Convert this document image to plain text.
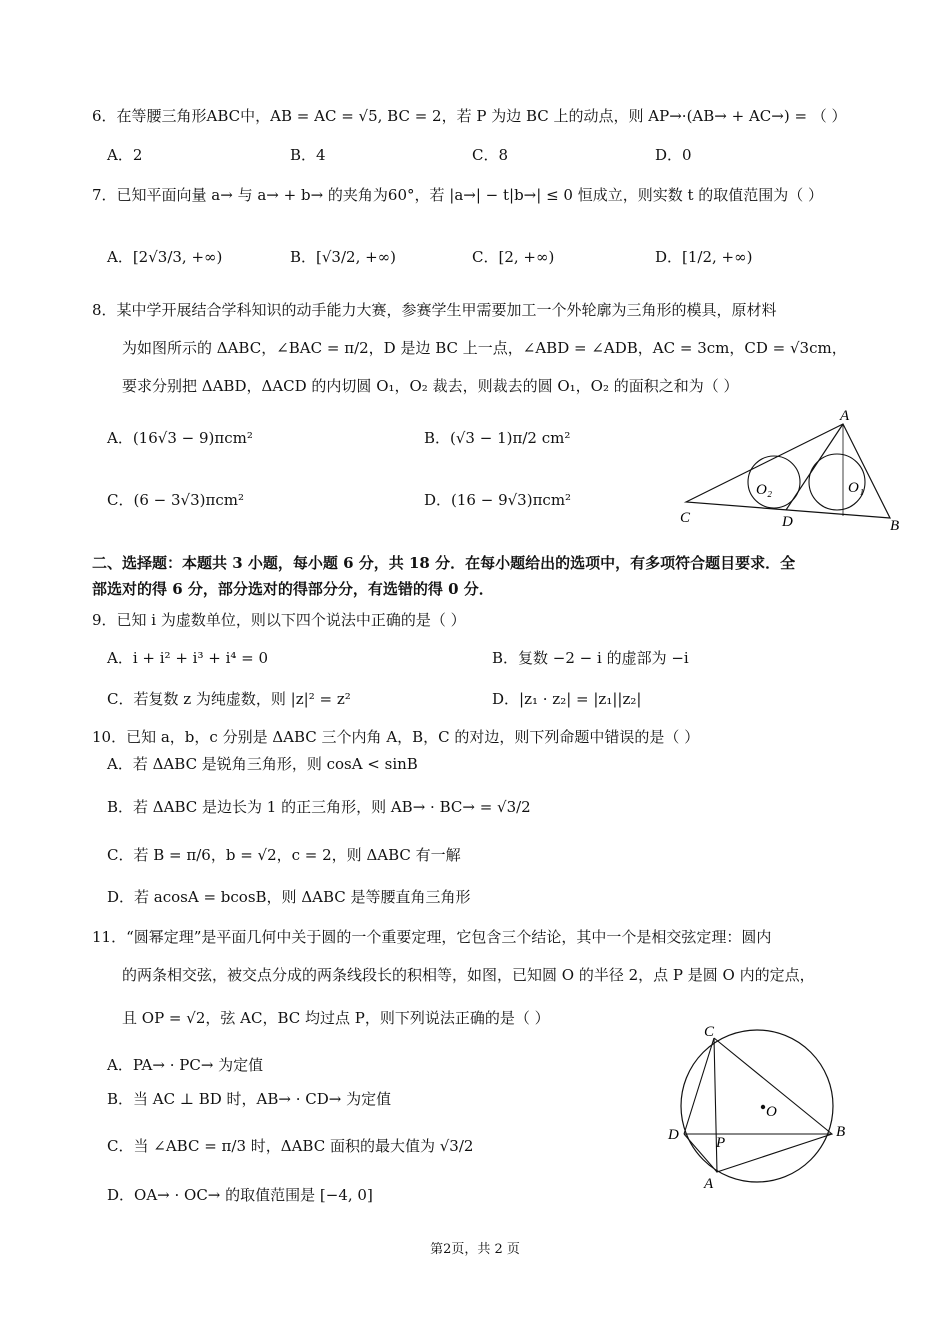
6．在等腰三角形ABC中，AB = AC = √5, BC = 2，若 P 为边 BC 上的动点，则 AP→·(AB→ + AC→) = （ ）
A．2	B．4	C．8	D．0
7．已知平面向量 a→ 与 a→ + b→ 的夹角为60°，若 |a→| − t|b→| ≤ 0 恒成立，则实数 t 的取值范围为（ ）
A．[2√3/3, +∞)	B．[√3/2, +∞)	C．[2, +∞)	D．[1/2, +∞)
8．某中学开展结合学科知识的动手能力大赛，参赛学生甲需要加工一个外轮廓为三角形的模具，原材料
为如图所示的 ΔABC，∠BAC = π/2，D 是边 BC 上一点，∠ABD = ∠ADB，AC = 3cm，CD = √3cm，
要求分别把 ΔABD，ΔACD 的内切圆 O₁，O₂ 裁去，则裁去的圆 O₁，O₂ 的面积之和为（ ）
A．(16√3 − 9)πcm²	B．(√3 − 1)π/2 cm²
C．(6 − 3√3)πcm²	D．(16 − 9√3)πcm²
A
O₂	O₁
C	D	B
二、选择题：本题共 3 小题，每小题 6 分，共 18 分．在每小题给出的选项中，有多项符合题目要求．全
部选对的得 6 分，部分选对的得部分分，有选错的得 0 分．
9．已知 i 为虚数单位，则以下四个说法中正确的是（ ）
A．i + i² + i³ + i⁴ = 0	B．复数 −2 − i 的虚部为 −i
C．若复数 z 为纯虚数，则 |z|² = z²	D．|z₁ · z₂| = |z₁||z₂|
10．已知 a，b，c 分别是 ΔABC 三个内角 A，B，C 的对边，则下列命题中错误的是（ ）
A．若 ΔABC 是锐角三角形，则 cosA < sinB
B．若 ΔABC 是边长为 1 的正三角形，则 AB→ · BC→ = √3/2
C．若 B = π/6，b = √2，c = 2，则 ΔABC 有一解
D．若 acosA = bcosB，则 ΔABC 是等腰直角三角形
11．“圆幂定理”是平面几何中关于圆的一个重要定理，它包含三个结论，其中一个是相交弦定理：圆内
的两条相交弦，被交点分成的两条线段长的积相等，如图，已知圆 O 的半径 2，点 P 是圆 O 内的定点，
且 OP = √2，弦 AC，BC 均过点 P，则下列说法正确的是（ ）
A．PA→ · PC→ 为定值
B．当 AC ⊥ BD 时，AB→ · CD→ 为定值
C．当 ∠ABC = π/3 时，ΔABC 面积的最大值为 √3/2
D．OA→ · OC→ 的取值范围是 [−4, 0]
C
O
D P
B
A
第2页，共 2 页
